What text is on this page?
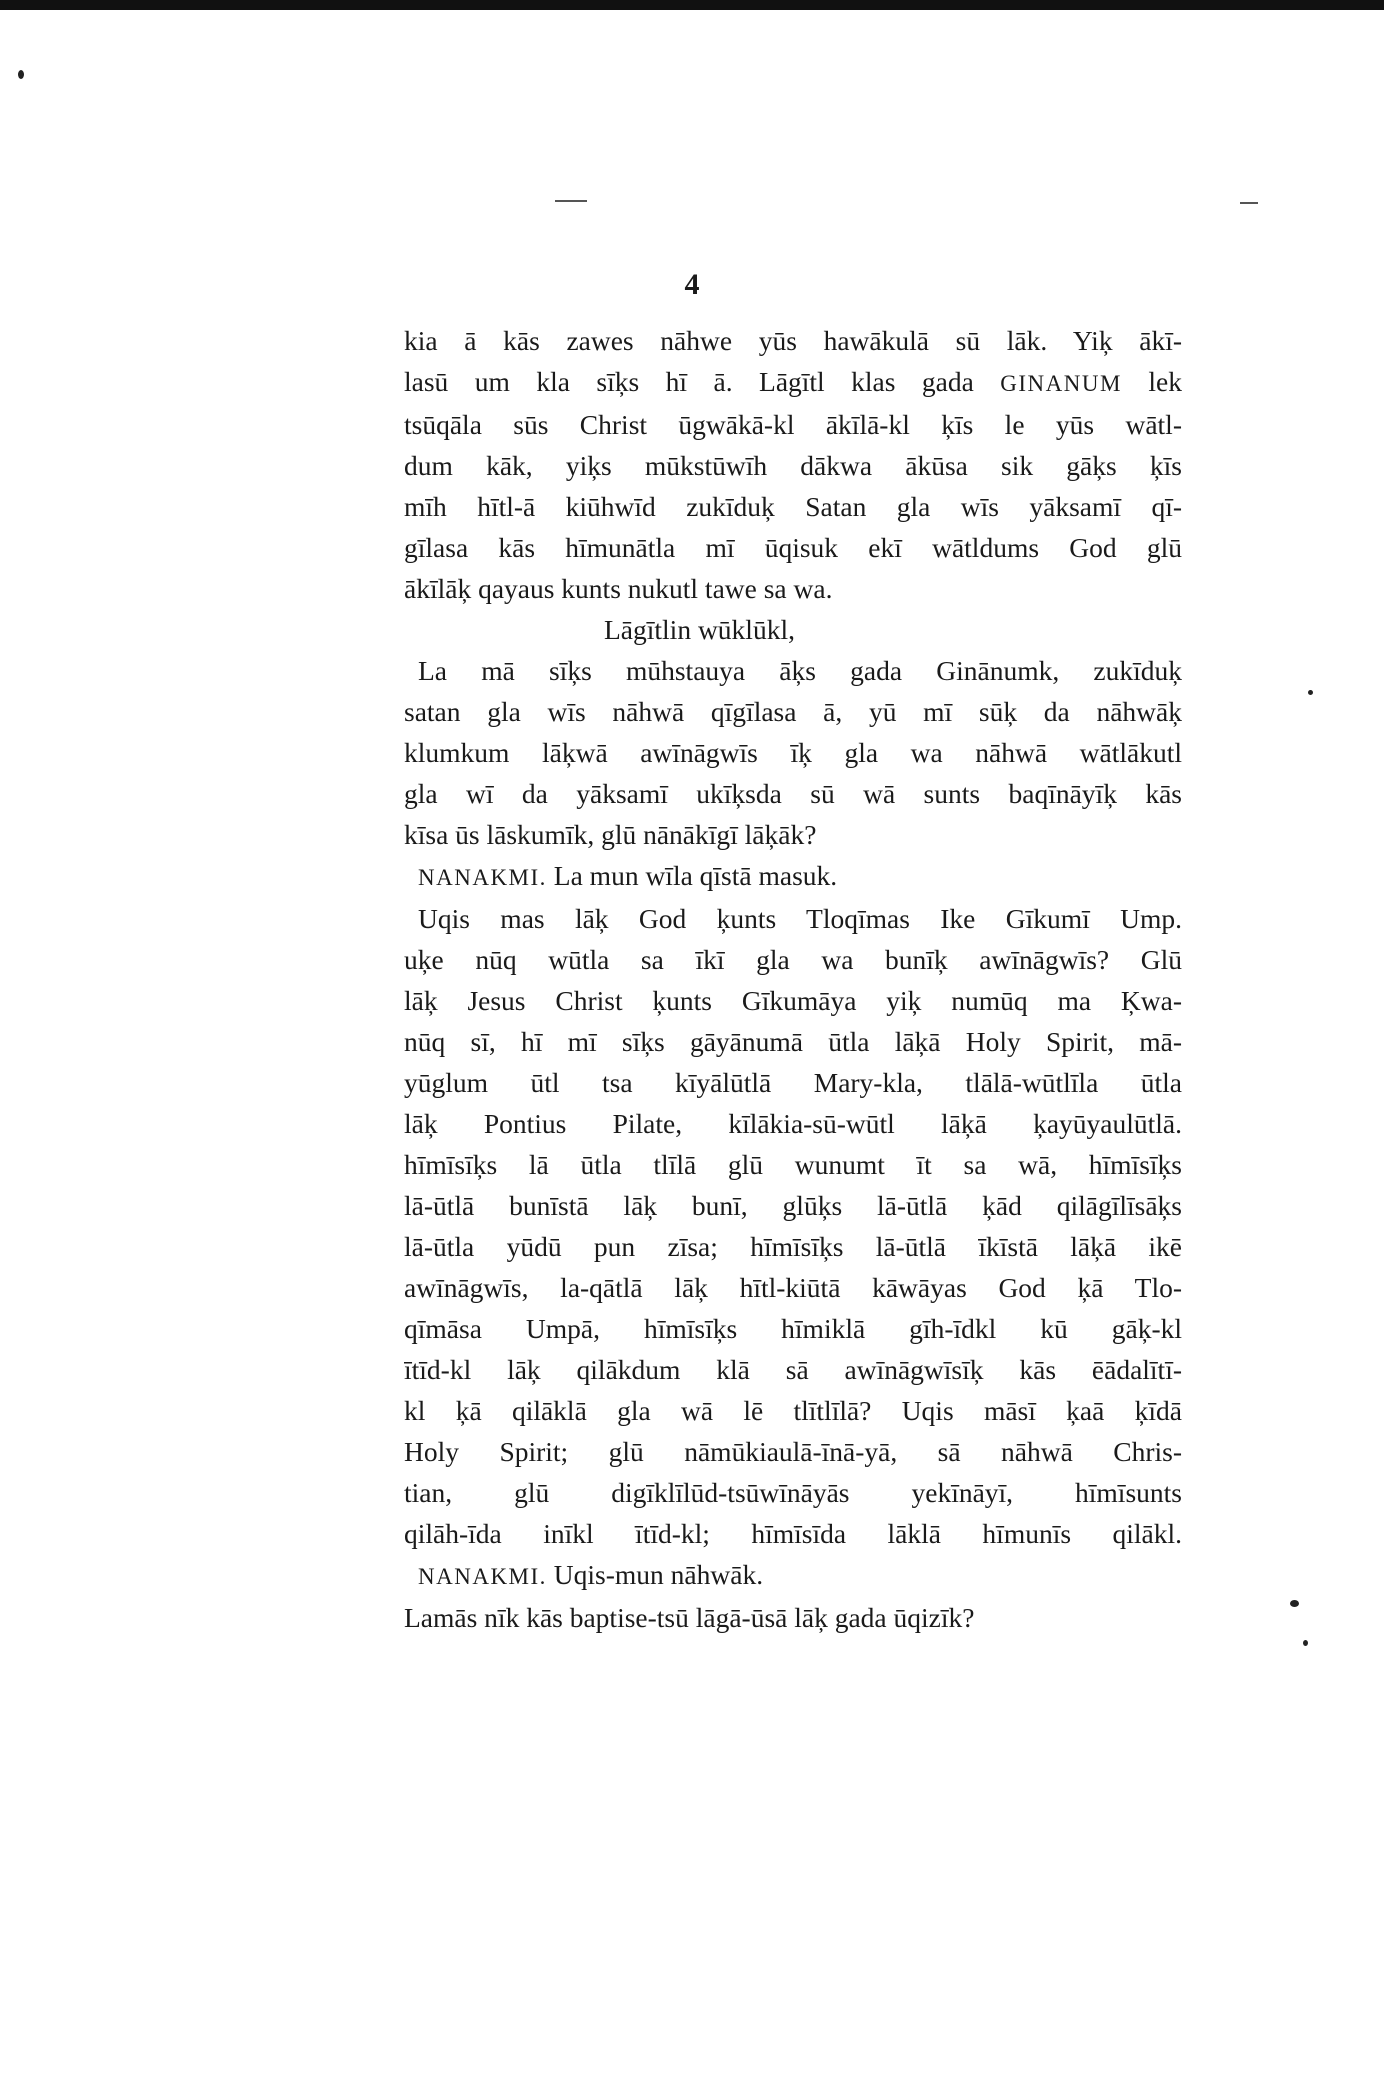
4
kia ā kās zawes nāhwe yūs hawākulā sū lāk. Yiķ ākī-
lasū um kla sīķs hī ā. Lāgītl klas gada GINANUM lek
tsūqāla sūs Christ ūgwākā-kl ākīlā-kl ķīs le yūs wātl-
dum kāk, yiķs mūkstūwīh dākwa ākūsa sik gāķs ķīs
mīh hītl-ā kiūhwīd zukīduķ Satan gla wīs yāksamī qī-
gīlasa kās hīmunātla mī ūqisuk ekī wātldums God glū
ākīlāķ qayaus kunts nukutl tawe sa wa.
Lāgītlin wūklūkl,
La mā sīķs mūhstauya āķs gada Ginānumk, zukīduķ
satan gla wīs nāhwā qīgīlasa ā, yū mī sūķ da nāhwāķ
klumkum lāķwā awīnāgwīs īķ gla wa nāhwā wātlākutl
gla wī da yāksamī ukīķsda sū wā sunts baqīnāyīķ kās
kīsa ūs lāskumīk, glū nānākīgī lāķāk?
NANAKMI. La mun wīla qīstā masuk.
Uqis mas lāķ God ķunts Tloqīmas Ike Gīkumī Ump.
uķe nūq wūtla sa īkī gla wa bunīķ awīnāgwīs? Glū
lāķ Jesus Christ ķunts Gīkumāya yiķ numūq ma Ķwa-
nūq sī, hī mī sīķs gāyānumā ūtla lāķā Holy Spirit, mā-
yūglum ūtl tsa kīyālūtlā Mary-kla, tlālā-wūtlīla ūtla
lāķ Pontius Pilate, kīlākia-sū-wūtl lāķā ķayūyaulūtlā.
hīmīsīķs lā ūtla tlīlā glū wunumt īt sa wā, hīmīsīķs
lā-ūtlā bunīstā lāķ bunī, glūķs lā-ūtlā ķād qilāgīlīsāķs
lā-ūtla yūdū pun zīsa; hīmīsīķs lā-ūtlā īkīstā lāķā ikē
awīnāgwīs, la-qātlā lāķ hītl-kiūtā kāwāyas God ķā Tlo-
qīmāsa Umpā, hīmīsīķs hīmiklā gīh-īdkl kū gāķ-kl
ītīd-kl lāķ qilākdum klā sā awīnāgwīsīķ kās ēādalītī-
kl ķā qilāklā gla wā lē tlītlīlā? Uqis māsī ķaā ķīdā
Holy Spirit; glū nāmūkiaulā-īnā-yā, sā nāhwā Chris-
tian, glū digīklīlūd-tsūwīnāyās yekīnāyī, hīmīsunts
qilāh-īda inīkl ītīd-kl; hīmīsīda lāklā hīmunīs qilākl.
NANAKMI. Uqis-mun nāhwāk.
Lamās nīk kās baptise-tsū lāgā-ūsā lāķ gada ūqizīk?
